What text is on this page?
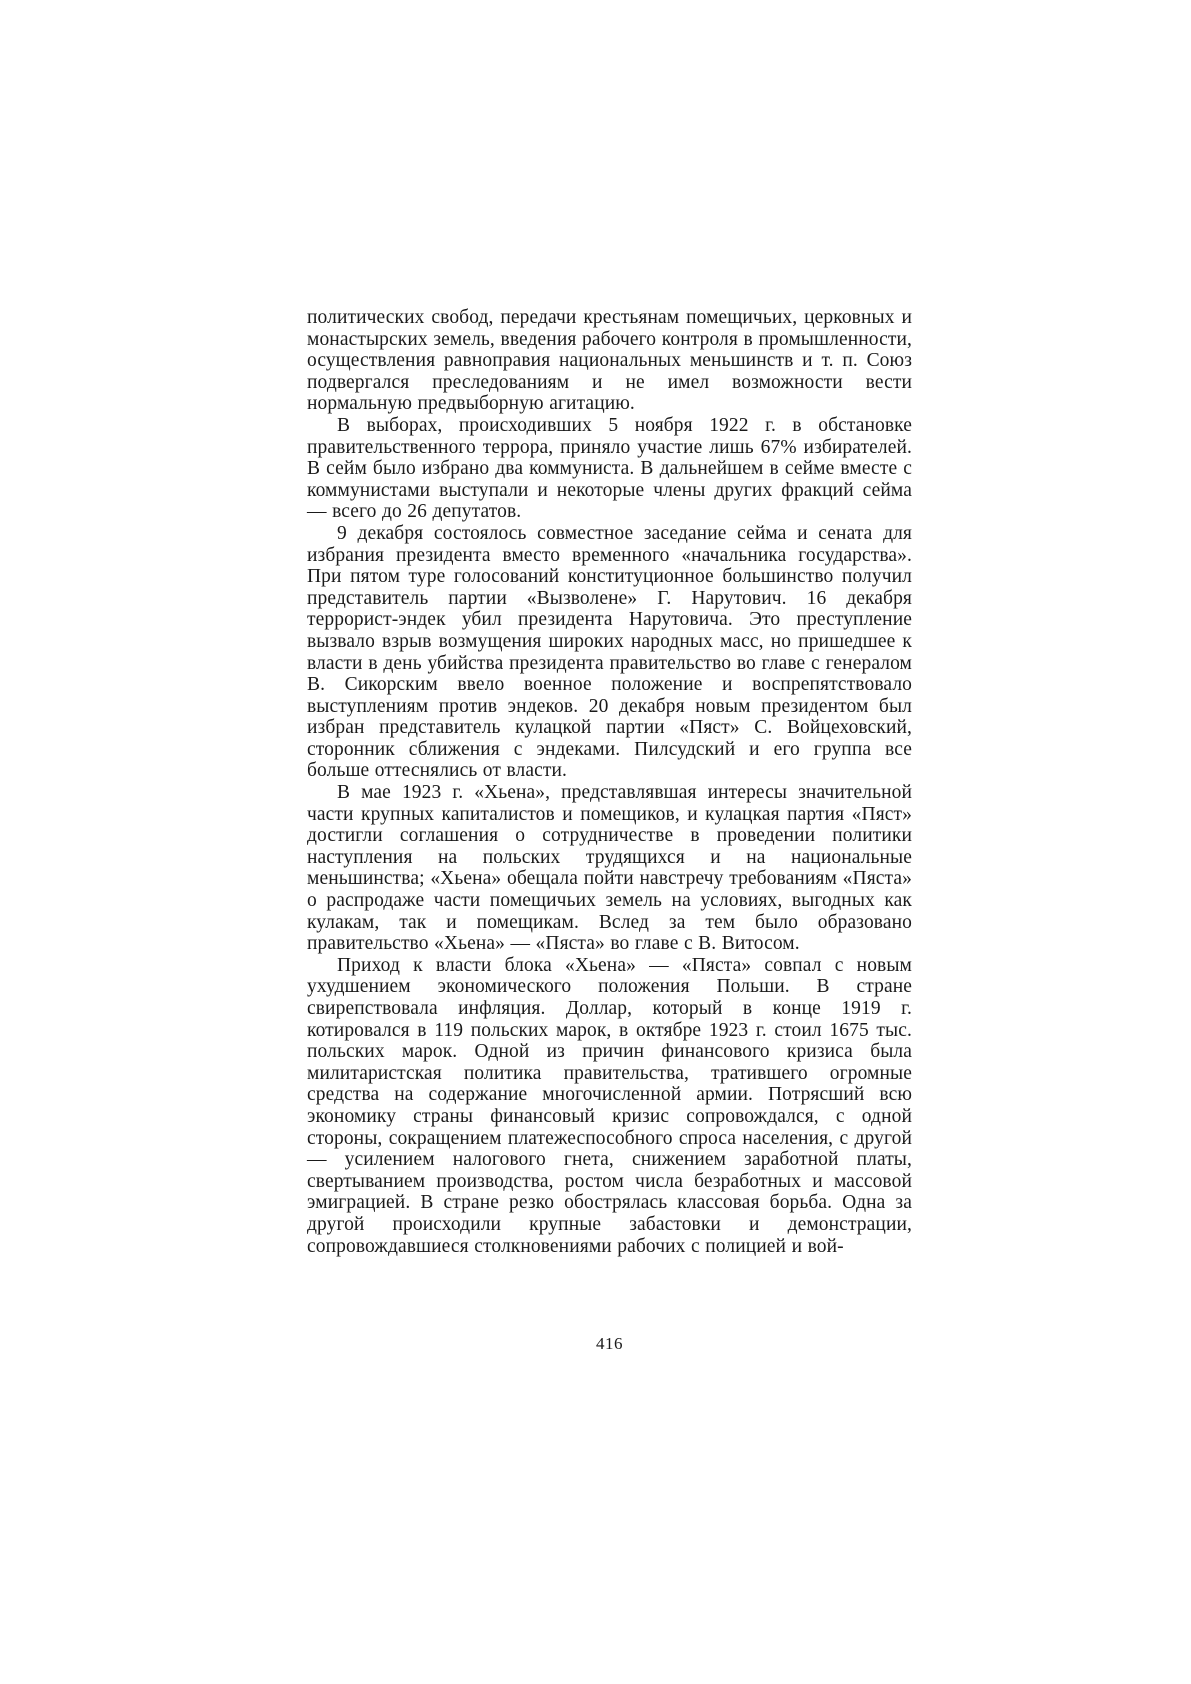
политических свобод, передачи крестьянам помещичьих, церковных и монастырских земель, введения рабочего контроля в промышленности, осуществления равноправия национальных меньшинств и т. п. Союз подвергался преследованиям и не имел возможности вести нормальную предвыборную агитацию.

В выборах, происходивших 5 ноября 1922 г. в обстановке правительственного террора, приняло участие лишь 67% избирателей. В сейм было избрано два коммуниста. В дальнейшем в сейме вместе с коммунистами выступали и некоторые члены других фракций сейма — всего до 26 депутатов.

9 декабря состоялось совместное заседание сейма и сената для избрания президента вместо временного «начальника государства». При пятом туре голосований конституционное большинство получил представитель партии «Вызволене» Г. Нарутович. 16 декабря террорист-эндек убил президента Нарутовича. Это преступление вызвало взрыв возмущения широких народных масс, но пришедшее к власти в день убийства президента правительство во главе с генералом В. Сикорским ввело военное положение и воспрепятствовало выступлениям против эндеков. 20 декабря новым президентом был избран представитель кулацкой партии «Пяст» С. Войцеховский, сторонник сближения с эндеками. Пилсудский и его группа все больше оттеснялись от власти.

В мае 1923 г. «Хьена», представлявшая интересы значительной части крупных капиталистов и помещиков, и кулацкая партия «Пяст» достигли соглашения о сотрудничестве в проведении политики наступления на польских трудящихся и на национальные меньшинства; «Хьена» обещала пойти навстречу требованиям «Пяста» о распродаже части помещичьих земель на условиях, выгодных как кулакам, так и помещикам. Вслед за тем было образовано правительство «Хьена» — «Пяста» во главе с В. Витосом.

Приход к власти блока «Хьена» — «Пяста» совпал с новым ухудшением экономического положения Польши. В стране свирепствовала инфляция. Доллар, который в конце 1919 г. котировался в 119 польских марок, в октябре 1923 г. стоил 1675 тыс. польских марок. Одной из причин финансового кризиса была милитаристская политика правительства, тратившего огромные средства на содержание многочисленной армии. Потрясший всю экономику страны финансовый кризис сопровождался, с одной стороны, сокращением платежеспособного спроса населения, с другой — усилением налогового гнета, снижением заработной платы, свертыванием производства, ростом числа безработных и массовой эмиграцией. В стране резко обострялась классовая борьба. Одна за другой происходили крупные забастовки и демонстрации, сопровождавшиеся столкновениями рабочих с полицией и вой-

416
